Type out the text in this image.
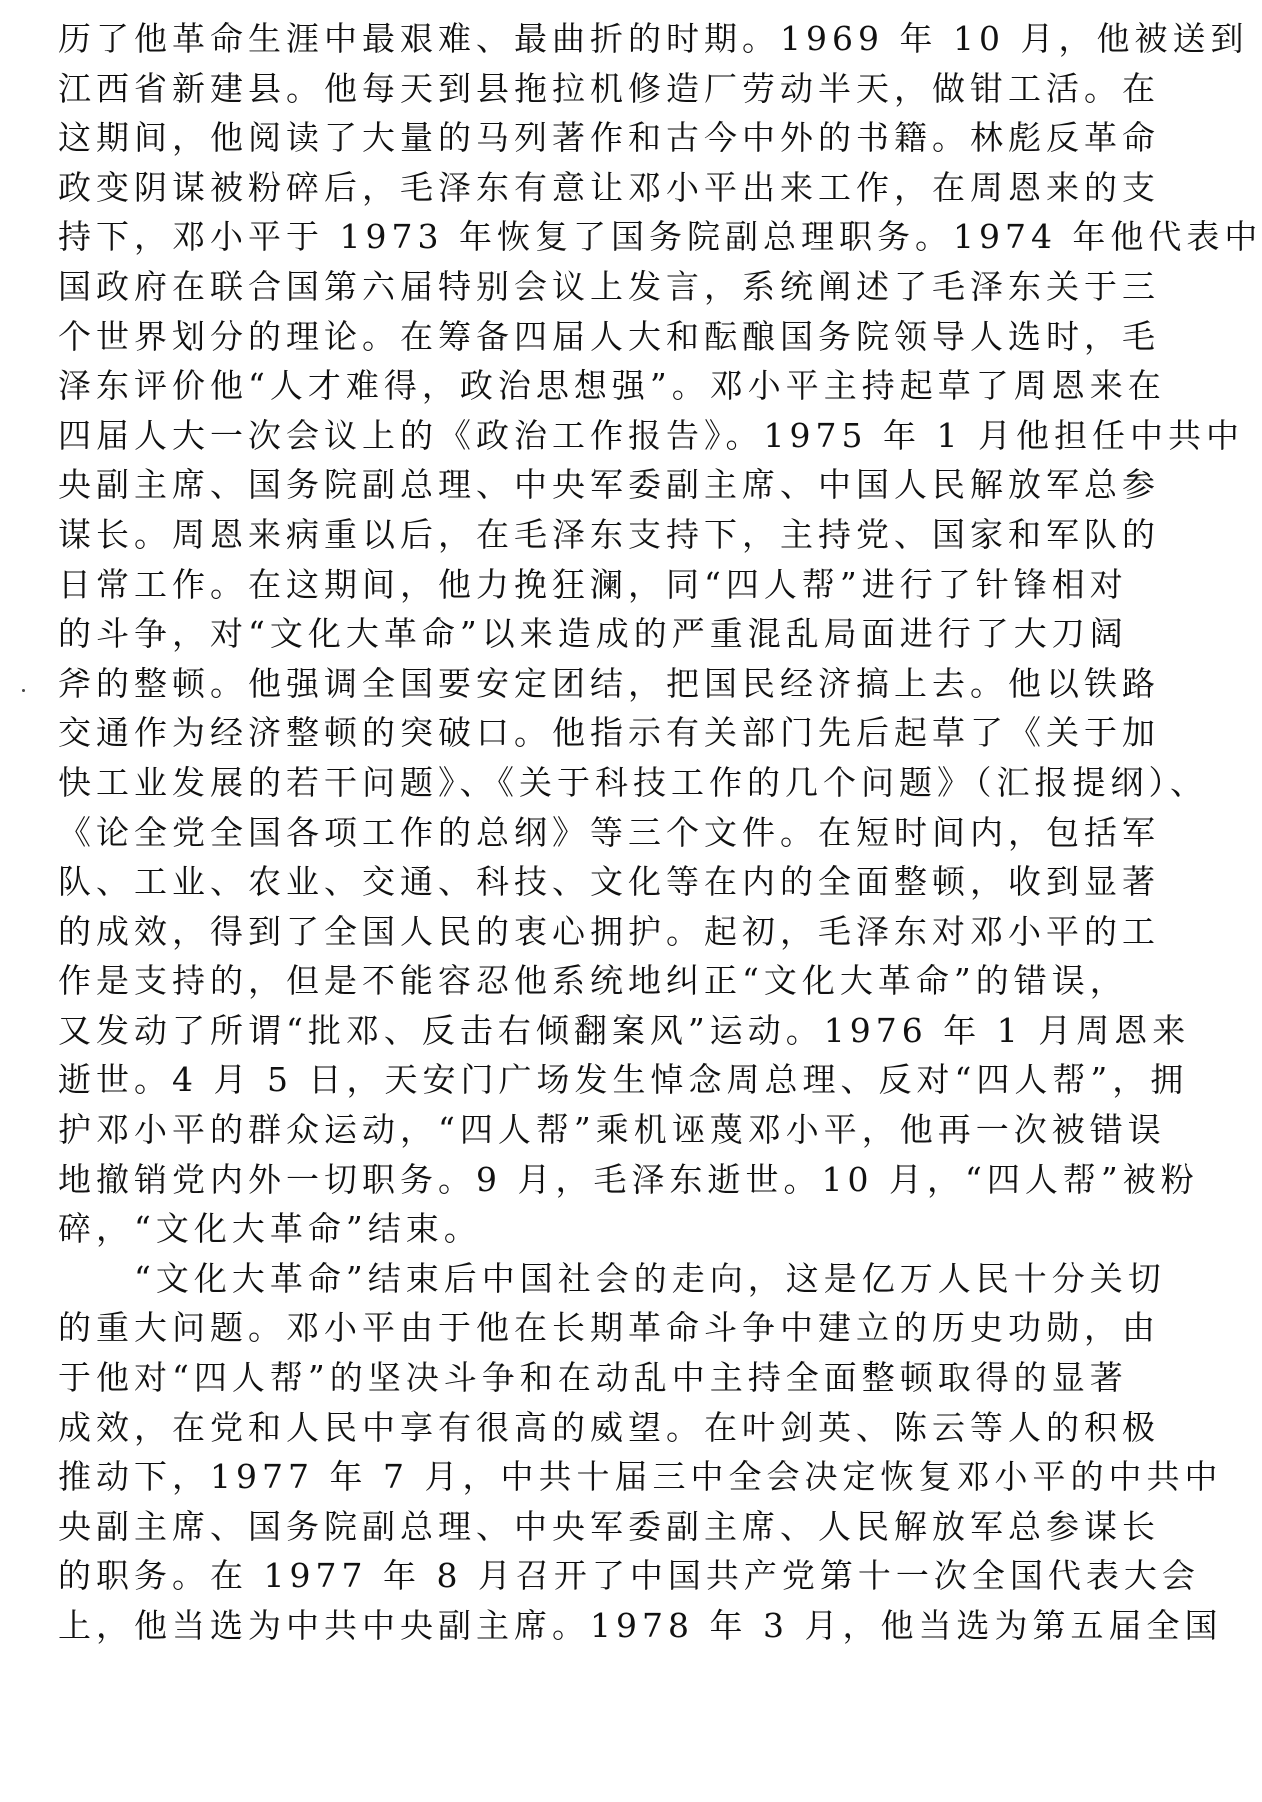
历了他革命生涯中最艰难、最曲折的时期。1969 年 10 月，他被送到
江西省新建县。他每天到县拖拉机修造厂劳动半天，做钳工活。在
这期间，他阅读了大量的马列著作和古今中外的书籍。林彪反革命
政变阴谋被粉碎后，毛泽东有意让邓小平出来工作，在周恩来的支
持下，邓小平于 1973 年恢复了国务院副总理职务。1974 年他代表中
国政府在联合国第六届特别会议上发言，系统阐述了毛泽东关于三
个世界划分的理论。在筹备四届人大和酝酿国务院领导人选时，毛
泽东评价他“人才难得，政治思想强”。邓小平主持起草了周恩来在
四届人大一次会议上的《政治工作报告》。1975 年 1 月他担任中共中
央副主席、国务院副总理、中央军委副主席、中国人民解放军总参
谋长。周恩来病重以后，在毛泽东支持下，主持党、国家和军队的
日常工作。在这期间，他力挽狂澜，同“四人帮”进行了针锋相对
的斗争，对“文化大革命”以来造成的严重混乱局面进行了大刀阔
斧的整顿。他强调全国要安定团结，把国民经济搞上去。他以铁路
交通作为经济整顿的突破口。他指示有关部门先后起草了《关于加
快工业发展的若干问题》、《关于科技工作的几个问题》（汇报提纲）、
《论全党全国各项工作的总纲》等三个文件。在短时间内，包括军
队、工业、农业、交通、科技、文化等在内的全面整顿，收到显著
的成效，得到了全国人民的衷心拥护。起初，毛泽东对邓小平的工
作是支持的，但是不能容忍他系统地纠正“文化大革命”的错误，
又发动了所谓“批邓、反击右倾翻案风”运动。1976 年 1 月周恩来
逝世。4 月 5 日，天安门广场发生悼念周总理、反对“四人帮”，拥
护邓小平的群众运动，“四人帮”乘机诬蔑邓小平，他再一次被错误
地撤销党内外一切职务。9 月，毛泽东逝世。10 月，“四人帮”被粉
碎，“文化大革命”结束。
“文化大革命”结束后中国社会的走向，这是亿万人民十分关切
的重大问题。邓小平由于他在长期革命斗争中建立的历史功勋，由
于他对“四人帮”的坚决斗争和在动乱中主持全面整顿取得的显著
成效，在党和人民中享有很高的威望。在叶剑英、陈云等人的积极
推动下，1977 年 7 月，中共十届三中全会决定恢复邓小平的中共中
央副主席、国务院副总理、中央军委副主席、人民解放军总参谋长
的职务。在 1977 年 8 月召开了中国共产党第十一次全国代表大会
上，他当选为中共中央副主席。1978 年 3 月，他当选为第五届全国
